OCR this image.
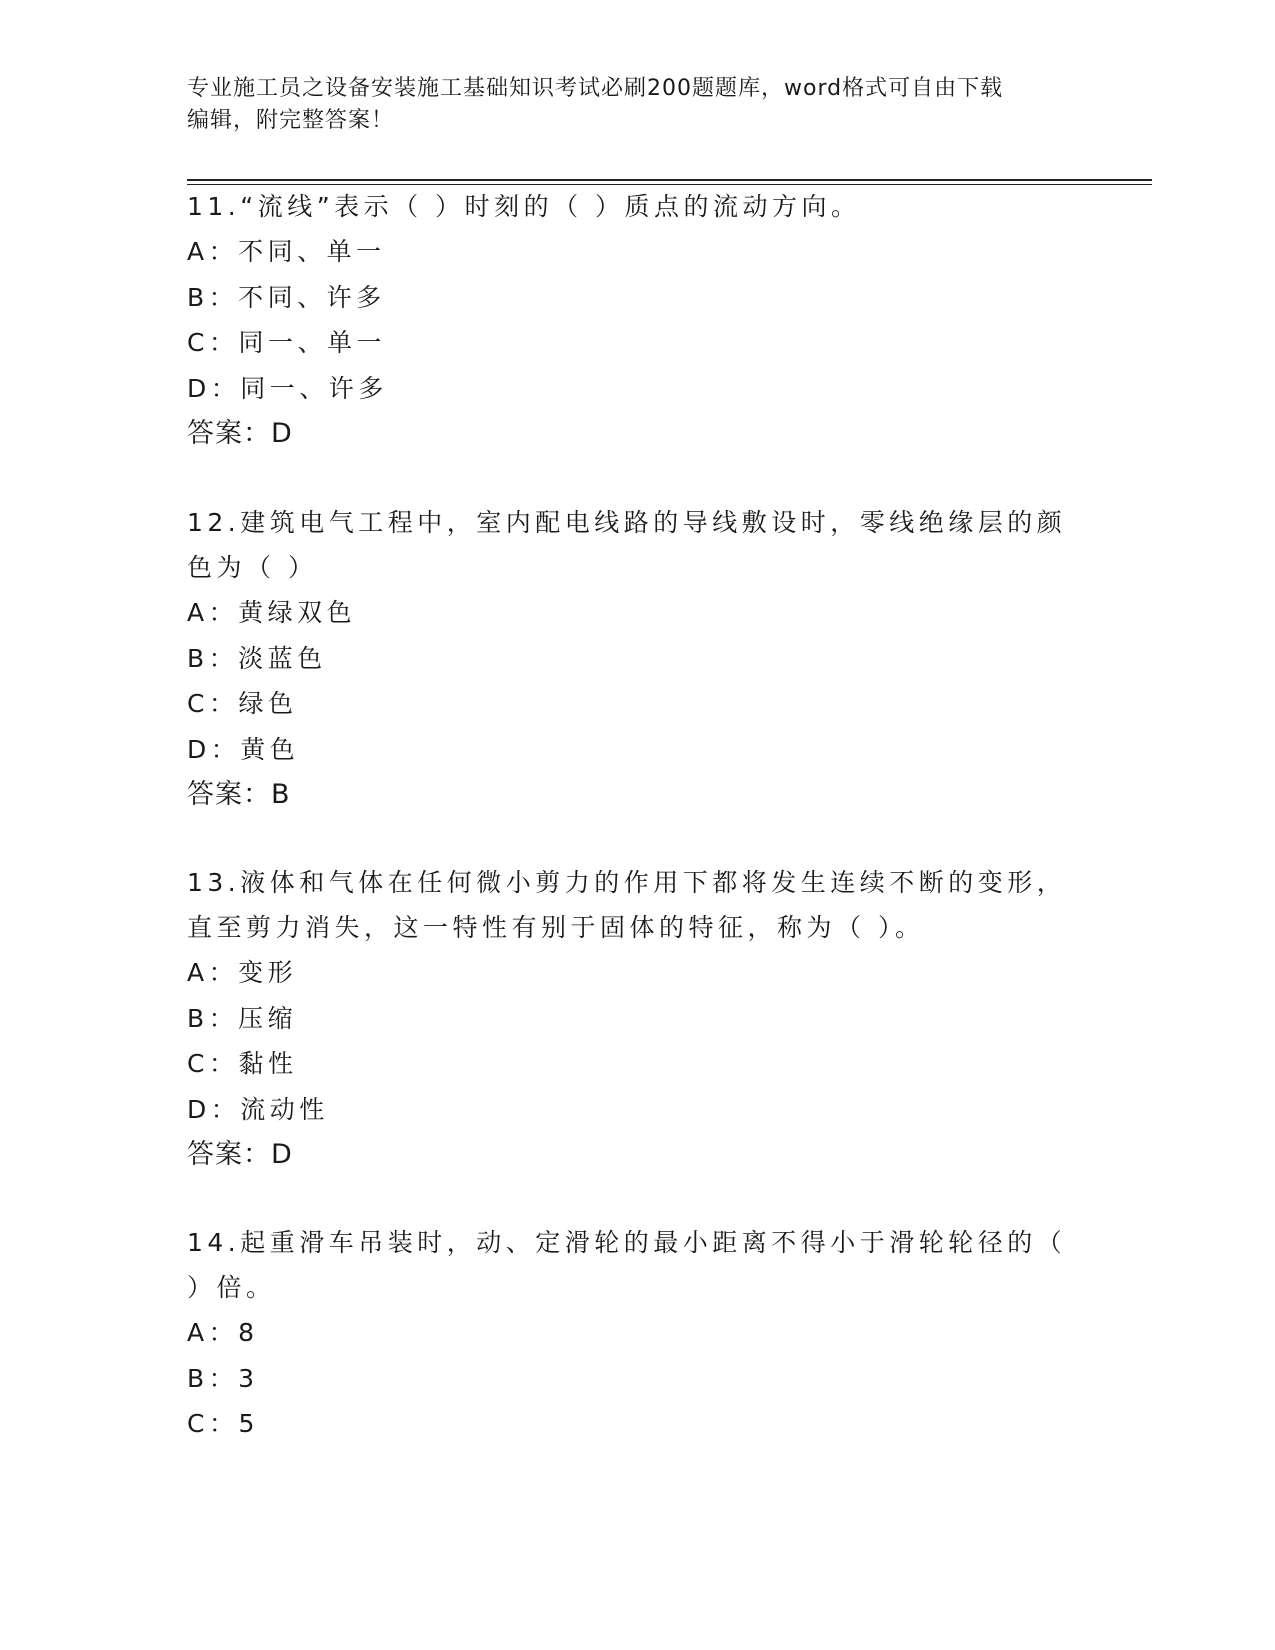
专业施工员之设备安装施工基础知识考试必刷200题题库，word格式可自由下载
编辑，附完整答案！

11.“流线”表示（ ）时刻的（ ）质点的流动方向。

A：不同、单一

B：不同、许多

C：同一、单一

D：同一、许多

答案：D

12.建筑电气工程中，室内配电线路的导线敷设时，零线绝缘层的颜色为（ ）

A：黄绿双色

B：淡蓝色

C：绿色

D：黄色

答案：B

13.液体和气体在任何微小剪力的作用下都将发生连续不断的变形，直至剪力消失，这一特性有别于固体的特征，称为（ ）。

A：变形

B：压缩

C：黏性

D：流动性

答案：D

14.起重滑车吊装时，动、定滑轮的最小距离不得小于滑轮轮径的（ ）倍。

A：8

B：3

C：5
